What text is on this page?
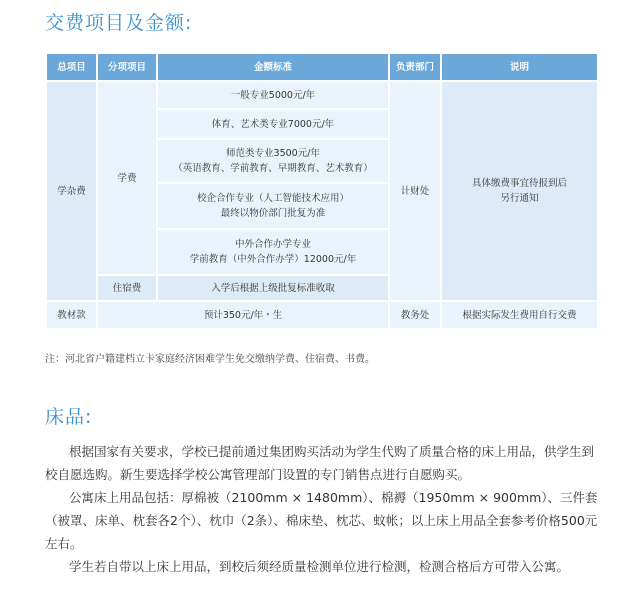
交费项目及金额:
总项目	分项项目	金额标准	负责部门	说明
学杂费	学费	一般专业5000元/年	计财处	具体缴费事宜待报到后
另行通知

		体育、艺术类专业7000元/年		

		师范类专业3500元/年
（英语教育、学前教育、早期教育、艺术教育）		

		校企合作专业（人工智能技术应用）
最终以物价部门批复为准		

		中外合作办学专业
学前教育（中外合作办学）12000元/年		

	住宿费	入学后根据上级批复标准收取		
教材款	预计350元/年・生		教务处	根据实际发生费用自行交费
注：河北省户籍建档立卡家庭经济困难学生免交缴纳学费、住宿费、书费。
床品:

根据国家有关要求，学校已提前通过集团购买活动为学生代购了质量合格的床上用品，供学生到校自愿选购。新生要选择学校公寓管理部门设置的专门销售点进行自愿购买。

公寓床上用品包括：厚棉被（2100mm × 1480mm）、棉褥（1950mm × 900mm）、三件套（被罩、床单、枕套各2个）、枕巾（2条）、棉床垫、枕芯、蚊帐；以上床上用品全套参考价格500元左右。

学生若自带以上床上用品，到校后须经质量检测单位进行检测，检测合格后方可带入公寓。
